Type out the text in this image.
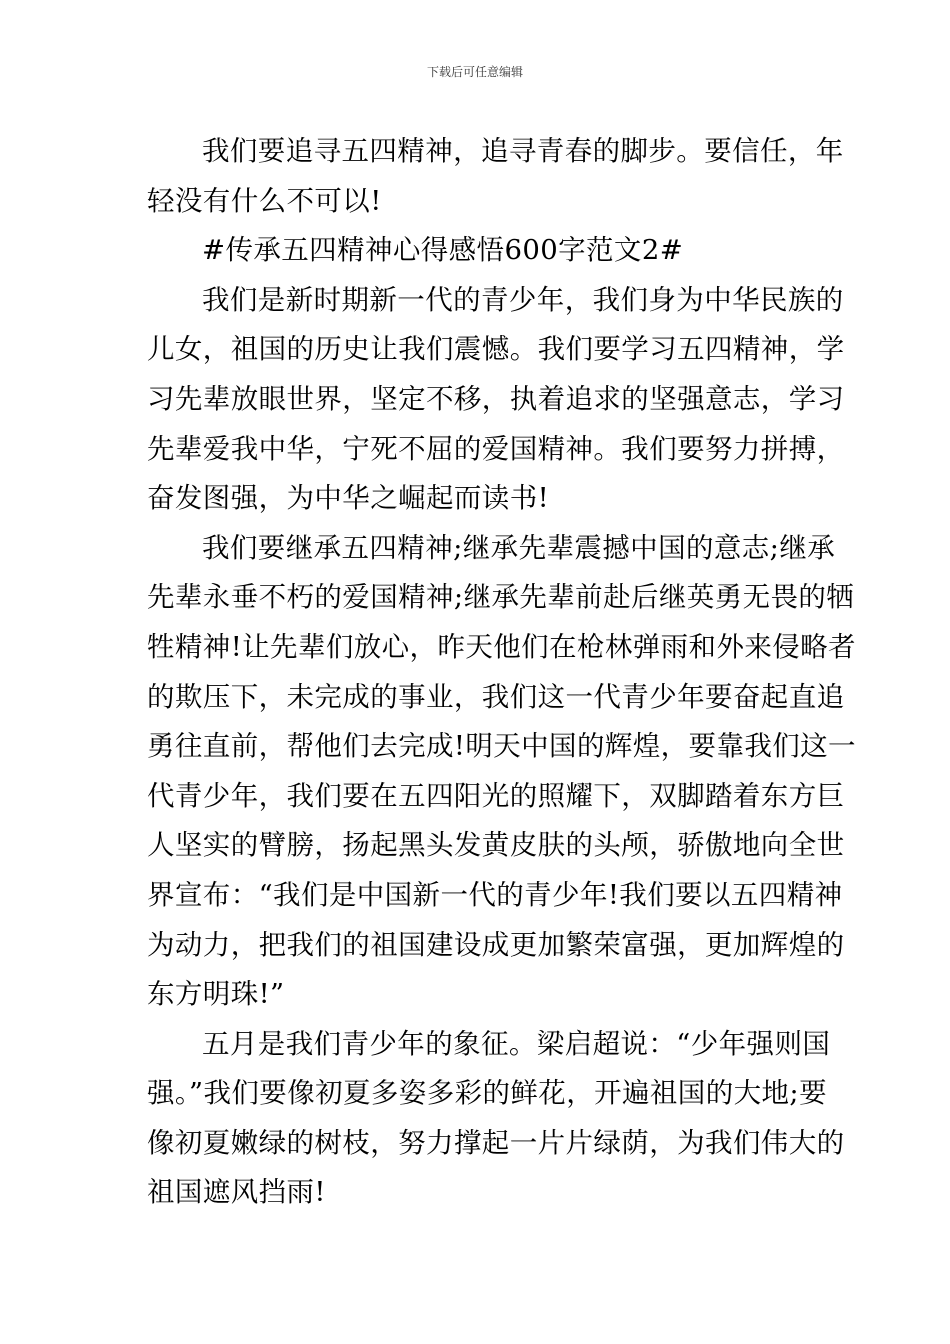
下载后可任意编辑

我们要追寻五四精神，追寻青春的脚步。要信任，年
轻没有什么不可以!

#传承五四精神心得感悟600字范文2#

我们是新时期新一代的青少年，我们身为中华民族的
儿女，祖国的历史让我们震憾。我们要学习五四精神，学
习先辈放眼世界，坚定不移，执着追求的坚强意志，学习
先辈爱我中华，宁死不屈的爱国精神。我们要努力拼搏，
奋发图强，为中华之崛起而读书!

我们要继承五四精神;继承先辈震撼中国的意志;继承
先辈永垂不朽的爱国精神;继承先辈前赴后继英勇无畏的牺
牲精神!让先辈们放心，昨天他们在枪林弹雨和外来侵略者
的欺压下，未完成的事业，我们这一代青少年要奋起直追
勇往直前，帮他们去完成!明天中国的辉煌，要靠我们这一
代青少年，我们要在五四阳光的照耀下，双脚踏着东方巨
人坚实的臂膀，扬起黑头发黄皮肤的头颅，骄傲地向全世
界宣布：“我们是中国新一代的青少年!我们要以五四精神
为动力，把我们的祖国建设成更加繁荣富强，更加辉煌的
东方明珠!”

五月是我们青少年的象征。梁启超说：“少年强则国
强。”我们要像初夏多姿多彩的鲜花，开遍祖国的大地;要
像初夏嫩绿的树枝，努力撑起一片片绿荫，为我们伟大的
祖国遮风挡雨!
